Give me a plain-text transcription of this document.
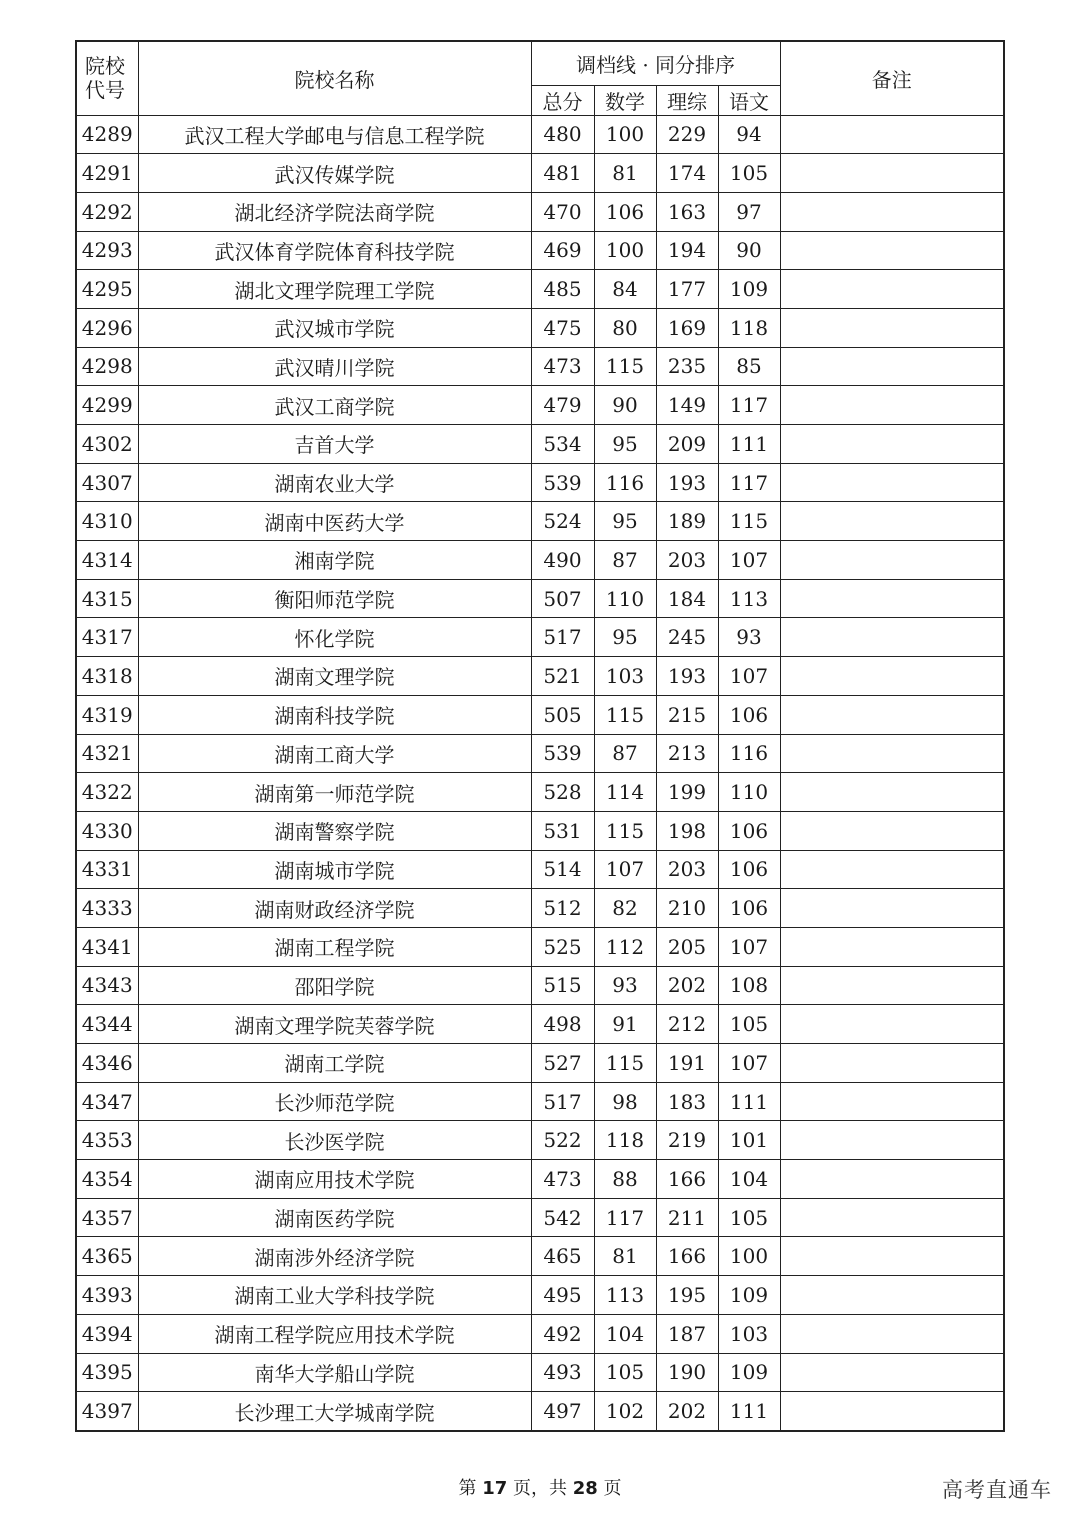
院校
代号	院校名称	调档线 · 同分排序				备注
		总分	数学	理综	语文	
4289	武汉工程大学邮电与信息工程学院	480	100	229	94	
4291	武汉传媒学院	481	81	174	105	
4292	湖北经济学院法商学院	470	106	163	97	
4293	武汉体育学院体育科技学院	469	100	194	90	
4295	湖北文理学院理工学院	485	84	177	109	
4296	武汉城市学院	475	80	169	118	
4298	武汉晴川学院	473	115	235	85	
4299	武汉工商学院	479	90	149	117	
4302	吉首大学	534	95	209	111	
4307	湖南农业大学	539	116	193	117	
4310	湖南中医药大学	524	95	189	115	
4314	湘南学院	490	87	203	107	
4315	衡阳师范学院	507	110	184	113	
4317	怀化学院	517	95	245	93	
4318	湖南文理学院	521	103	193	107	
4319	湖南科技学院	505	115	215	106	
4321	湖南工商大学	539	87	213	116	
4322	湖南第一师范学院	528	114	199	110	
4330	湖南警察学院	531	115	198	106	
4331	湖南城市学院	514	107	203	106	
4333	湖南财政经济学院	512	82	210	106	
4341	湖南工程学院	525	112	205	107	
4343	邵阳学院	515	93	202	108	
4344	湖南文理学院芙蓉学院	498	91	212	105	
4346	湖南工学院	527	115	191	107	
4347	长沙师范学院	517	98	183	111	
4353	长沙医学院	522	118	219	101	
4354	湖南应用技术学院	473	88	166	104	
4357	湖南医药学院	542	117	211	105	
4365	湖南涉外经济学院	465	81	166	100	
4393	湖南工业大学科技学院	495	113	195	109	
4394	湖南工程学院应用技术学院	492	104	187	103	
4395	南华大学船山学院	493	105	190	109	
4397	长沙理工大学城南学院	497	102	202	111	
第 17 页，共 28 页	高考直通车
